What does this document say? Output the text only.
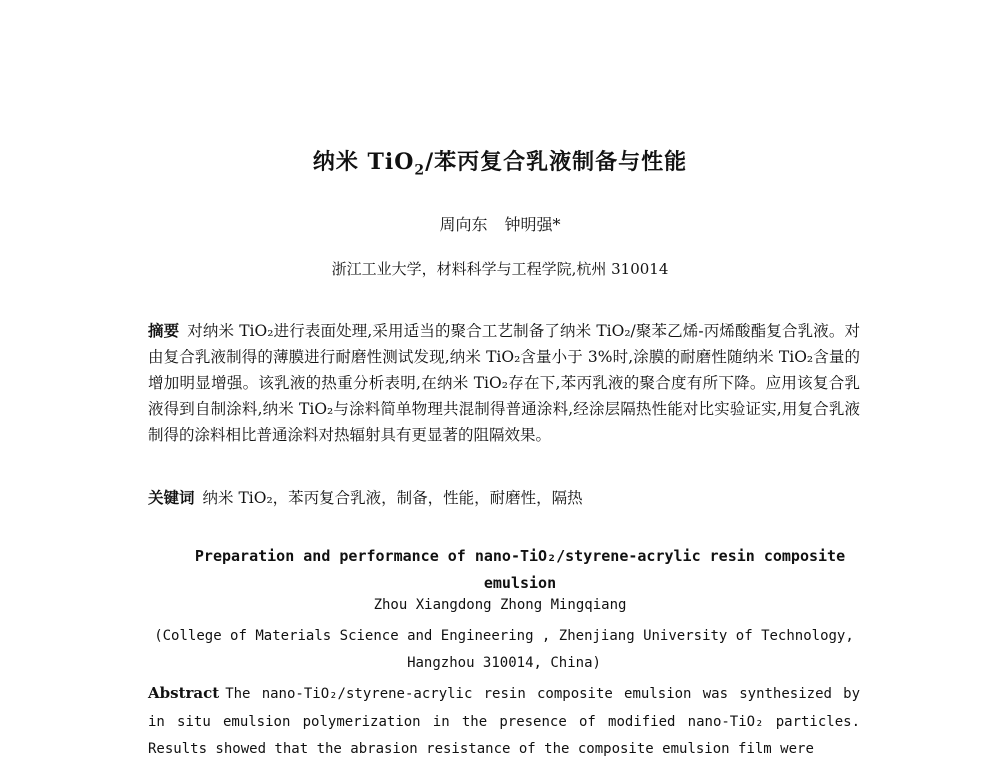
纳米 TiO$_2$/苯丙复合乳液制备与性能
周向东 钟明强*
浙江工业大学，材料科学与工程学院,杭州 310014

摘要 对纳米 TiO₂进行表面处理,采用适当的聚合工艺制备了纳米 TiO₂/聚苯乙烯-丙烯酸酯复合乳液。对由复合乳液制得的薄膜进行耐磨性测试发现,纳米 TiO₂含量小于 3%时,涂膜的耐磨性随纳米 TiO₂含量的增加明显增强。该乳液的热重分析表明,在纳米 TiO₂存在下,苯丙乳液的聚合度有所下降。应用该复合乳液得到自制涂料,纳米 TiO₂与涂料简单物理共混制得普通涂料,经涂层隔热性能对比实验证实,用复合乳液制得的涂料相比普通涂料对热辐射具有更显著的阻隔效果。

关键词 纳米 TiO₂，苯丙复合乳液，制备，性能，耐磨性，隔热
Preparation and performance of nano-TiO₂/styrene-acrylic resin composite emulsion
Zhou Xiangdong Zhong Mingqiang
(College of Materials Science and Engineering , Zhenjiang University of Technology, Hangzhou 310014, China)
Abstract The nano-TiO₂/styrene-acrylic resin composite emulsion was synthesized by in situ emulsion polymerization in the presence of modified nano-TiO₂ particles. Results showed that the abrasion resistance of the composite emulsion film were
